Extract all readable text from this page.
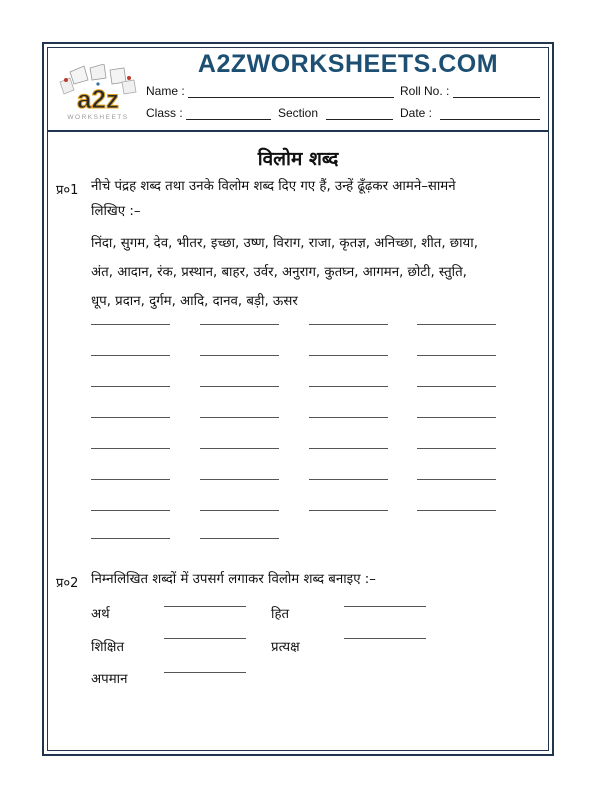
a2z
WORKSHEETS
A2ZWORKSHEETS.COM
Name :	Roll No. :
Class :	Section	Date :
विलोम शब्द
प्र०1 नीचे पंद्रह शब्द तथा उनके विलोम शब्द दिए गए हैं, उन्हें ढूँढ़कर आमने–सामने
लिखिए :–
निंदा, सुगम, देव, भीतर, इच्छा, उष्ण, विराग, राजा, कृतज्ञ, अनिच्छा, शीत, छाया,
अंत, आदान, रंक, प्रस्थान, बाहर, उर्वर, अनुराग, कुतघ्न, आगमन, छोटी, स्तुति,
धूप, प्रदान, दुर्गम, आदि, दानव, बड़ी, ऊसर
प्र०2 निम्नलिखित शब्दों में उपसर्ग लगाकर विलोम शब्द बनाइए :–
अर्थ	हित
शिक्षित	प्रत्यक्ष
अपमान
